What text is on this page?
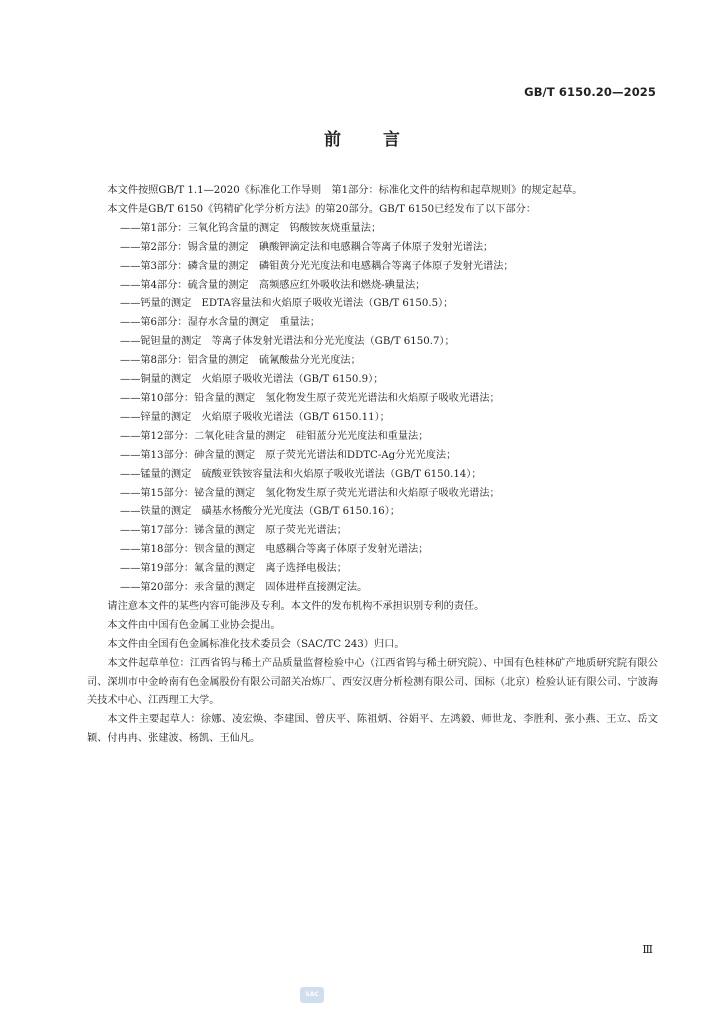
GB/T 6150.20—2025
前言

本文件按照GB/T 1.1—2020《标准化工作导则　第1部分：标准化文件的结构和起草规则》的规定起草。

本文件是GB/T 6150《钨精矿化学分析方法》的第20部分。GB/T 6150已经发布了以下部分：

——第1部分：三氧化钨含量的测定　钨酸铵灰烧重量法；

——第2部分：锡含量的测定　碘酸钾滴定法和电感耦合等离子体原子发射光谱法；

——第3部分：磷含量的测定　磷钼黄分光光度法和电感耦合等离子体原子发射光谱法；

——第4部分：硫含量的测定　高频感应红外吸收法和燃烧-碘量法；

——钙量的测定　EDTA容量法和火焰原子吸收光谱法（GB/T 6150.5）；

——第6部分：湿存水含量的测定　重量法；

——铌钽量的测定　等离子体发射光谱法和分光光度法（GB/T 6150.7）；

——第8部分：铝含量的测定　硫氰酸盐分光光度法；

——铜量的测定　火焰原子吸收光谱法（GB/T 6150.9）；

——第10部分：铅含量的测定　氢化物发生原子荧光光谱法和火焰原子吸收光谱法；

——锌量的测定　火焰原子吸收光谱法（GB/T 6150.11）；

——第12部分：二氧化硅含量的测定　硅钼蓝分光光度法和重量法；

——第13部分：砷含量的测定　原子荧光光谱法和DDTC-Ag分光光度法；

——锰量的测定　硫酸亚铁铵容量法和火焰原子吸收光谱法（GB/T 6150.14）；

——第15部分：铋含量的测定　氢化物发生原子荧光光谱法和火焰原子吸收光谱法；

——铁量的测定　磺基水杨酸分光光度法（GB/T 6150.16）；

——第17部分：锑含量的测定　原子荧光光谱法；

——第18部分：钡含量的测定　电感耦合等离子体原子发射光谱法；

——第19部分：氟含量的测定　离子选择电极法；

——第20部分：汞含量的测定　固体进样直接测定法。

请注意本文件的某些内容可能涉及专利。本文件的发布机构不承担识别专利的责任。

本文件由中国有色金属工业协会提出。

本文件由全国有色金属标准化技术委员会（SAC/TC 243）归口。

本文件起草单位：江西省钨与稀土产品质量监督检验中心（江西省钨与稀土研究院）、中国有色桂林矿产地质研究院有限公司、深圳市中金岭南有色金属股份有限公司韶关冶炼厂、西安汉唐分析检测有限公司、国标（北京）检验认证有限公司、宁波海关技术中心、江西理工大学。

本文件主要起草人：徐娜、凌宏焕、李建国、曾庆平、陈祖炳、谷娟平、左鸿毅、师世龙、李胜利、张小燕、王立、岳文颖、付冉冉、张建波、杨凯、王仙凡。

Ⅲ
SAC
